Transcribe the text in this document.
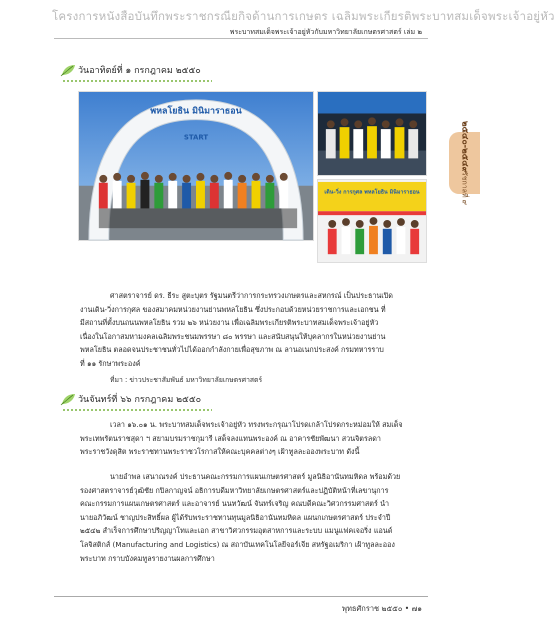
โครงการหนังสือบันทึกพระราชกรณียกิจด้านการเกษตร เฉลิมพระเกียรติพระบาทสมเด็จพระเจ้าอยู่หัว
พระบาทสมเด็จพระเจ้าอยู่หัวกับมหาวิทยาลัยเกษตรศาสตร์ เล่ม ๒
๒๕๔๐-๒๕๔๙
รัชกาลที่ ๙
วันอาทิตย์ที่ ๑ กรกฎาคม ๒๕๕๐
พหลโยธิน มินิมาราธอน
START
เดิน-วิ่ง การกุศล พหลโยธิน มินิมาราธอน
ศาสตราจารย์ ดร. ธีระ สูตะบุตร รัฐมนตรีว่าการกระทรวงเกษตรและสหกรณ์ เป็นประธานเปิด
งานเดิน-วิ่งการกุศล ของสมาคมหน่วยงานย่านพหลโยธิน ซึ่งประกอบด้วยหน่วยราชการและเอกชน ที่
มีสถานที่ตั้งบนถนนพหลโยธิน รวม ๒๖ หน่วยงาน เพื่อเฉลิมพระเกียรติพระบาทสมเด็จพระเจ้าอยู่หัว
เนื่องในโอกาสมหามงคลเฉลิมพระชนมพรรษา ๘๐ พรรษา และสนับสนุนให้บุคลากรในหน่วยงานย่าน
พหลโยธิน ตลอดจนประชาชนทั่วไปได้ออกกำลังกายเพื่อสุขภาพ ณ ลานอเนกประสงค์ กรมทหารราบ
ที่ ๑๑ รักษาพระองค์
ที่มา : ข่าวประชาสัมพันธ์ มหาวิทยาลัยเกษตรศาสตร์
วันจันทร์ที่ ๖๖ กรกฎาคม ๒๕๕๐
เวลา ๑๖.๐๑ น. พระบาทสมเด็จพระเจ้าอยู่หัว ทรงพระกรุณาโปรดเกล้าโปรดกระหม่อมให้ สมเด็จ
พระเทพรัตนราชสุดา ฯ สยามบรมราชกุมารี เสด็จลงแทนพระองค์ ณ อาคารชัยพัฒนา สวนจิตรลดา
พระราชวังดุสิต พระราชทานพระราชวโรกาสให้คณะบุคคลต่างๆ เฝ้าทูลละอองพระบาท ดังนี้
นายอำพล เสนาณรงค์ ประธานคณะกรรมการแผนเกษตรศาสตร์ มูลนิธิอานันทมหิดล พร้อมด้วย
รองศาสตราจารย์วุฒิชัย กปิลกาญจน์ อธิการบดีมหาวิทยาลัยเกษตรศาสตร์และปฏิบัติหน้าที่เลขานุการ
คณะกรรมการแผนเกษตรศาสตร์ และอาจารย์ นนทวัฒน์ จันทร์เจริญ คณบดีคณะวิศวกรรมศาสตร์ นำ
นายอภิวัฒน์ ชาญประสิทธิ์ผล ผู้ได้รับพระราชทานทุนมูลนิธิอานันทมหิดล แผนกเกษตรศาสตร์ ประจำปี
๒๕๔๒ สำเร็จการศึกษาปริญญาโทและเอก สาขาวิศวกรรมอุตสาหการและระบบ แมนูแฟคเจอริ่ง แอนด์
โลจิสติกส์ (Manufacturing and Logistics) ณ สถาบันเทคโนโลยีจอร์เจีย สหรัฐอเมริกา เฝ้าทูลละออง
พระบาท กราบบังคมทูลรายงานผลการศึกษา
พุทธศักราช ๒๕๕๐ • ๗๑
